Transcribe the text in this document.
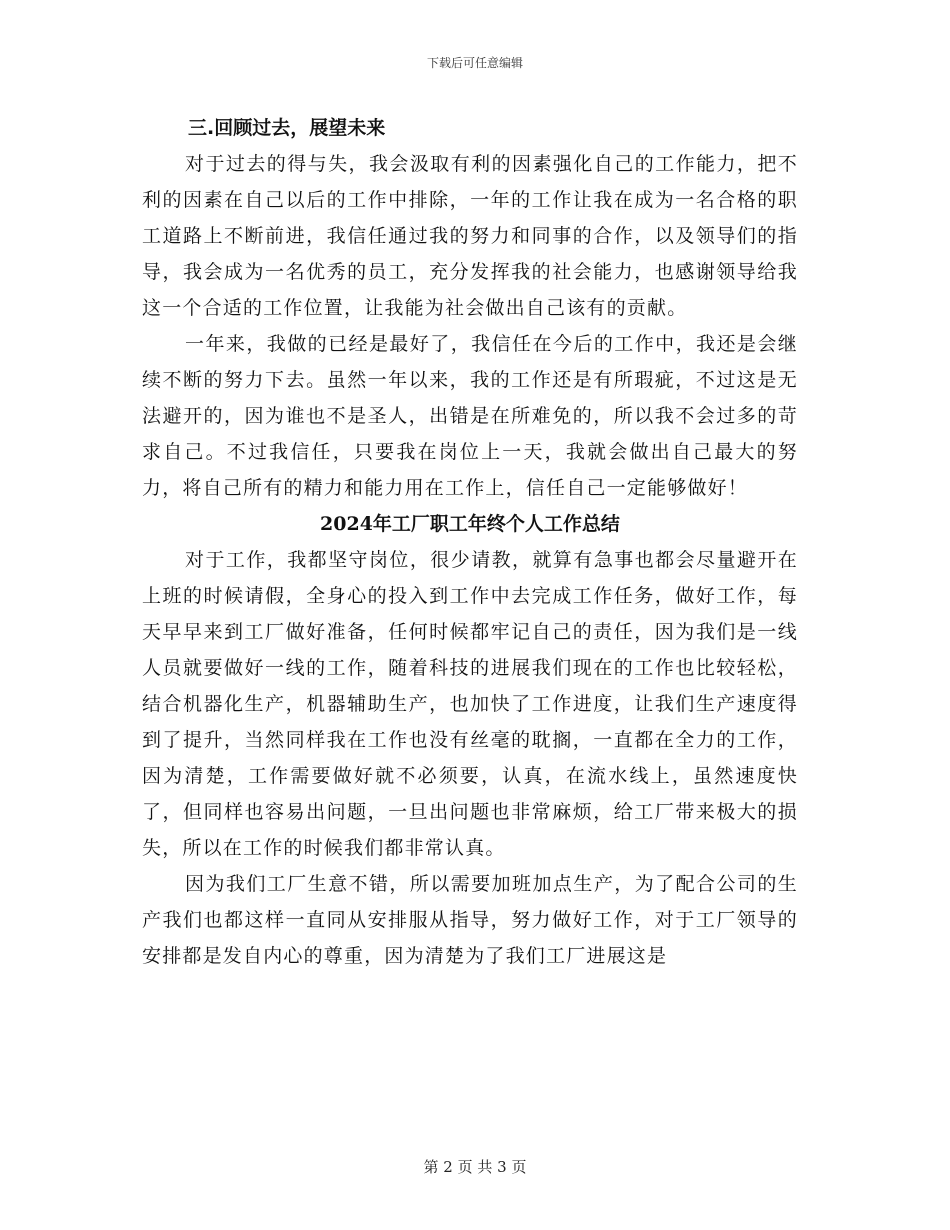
下载后可任意编辑
三.回顾过去，展望未来

对于过去的得与失，我会汲取有利的因素强化自己的工作能力，把不利的因素在自己以后的工作中排除，一年的工作让我在成为一名合格的职工道路上不断前进，我信任通过我的努力和同事的合作，以及领导们的指导，我会成为一名优秀的员工，充分发挥我的社会能力，也感谢领导给我这一个合适的工作位置，让我能为社会做出自己该有的贡献。

一年来，我做的已经是最好了，我信任在今后的工作中，我还是会继续不断的努力下去。虽然一年以来，我的工作还是有所瑕疵，不过这是无法避开的，因为谁也不是圣人，出错是在所难免的，所以我不会过多的苛求自己。不过我信任，只要我在岗位上一天，我就会做出自己最大的努力，将自己所有的精力和能力用在工作上，信任自己一定能够做好！

2024年工厂职工年终个人工作总结

对于工作，我都坚守岗位，很少请教，就算有急事也都会尽量避开在上班的时候请假，全身心的投入到工作中去完成工作任务，做好工作，每天早早来到工厂做好准备，任何时候都牢记自己的责任，因为我们是一线人员就要做好一线的工作，随着科技的进展我们现在的工作也比较轻松，结合机器化生产，机器辅助生产，也加快了工作进度，让我们生产速度得到了提升，当然同样我在工作也没有丝毫的耽搁，一直都在全力的工作，因为清楚，工作需要做好就不必须要，认真，在流水线上，虽然速度快了，但同样也容易出问题，一旦出问题也非常麻烦，给工厂带来极大的损失，所以在工作的时候我们都非常认真。

因为我们工厂生意不错，所以需要加班加点生产，为了配合公司的生产我们也都这样一直同从安排服从指导，努力做好工作，对于工厂领导的安排都是发自内心的尊重，因为清楚为了我们工厂进展这是

第 2 页 共 3 页
